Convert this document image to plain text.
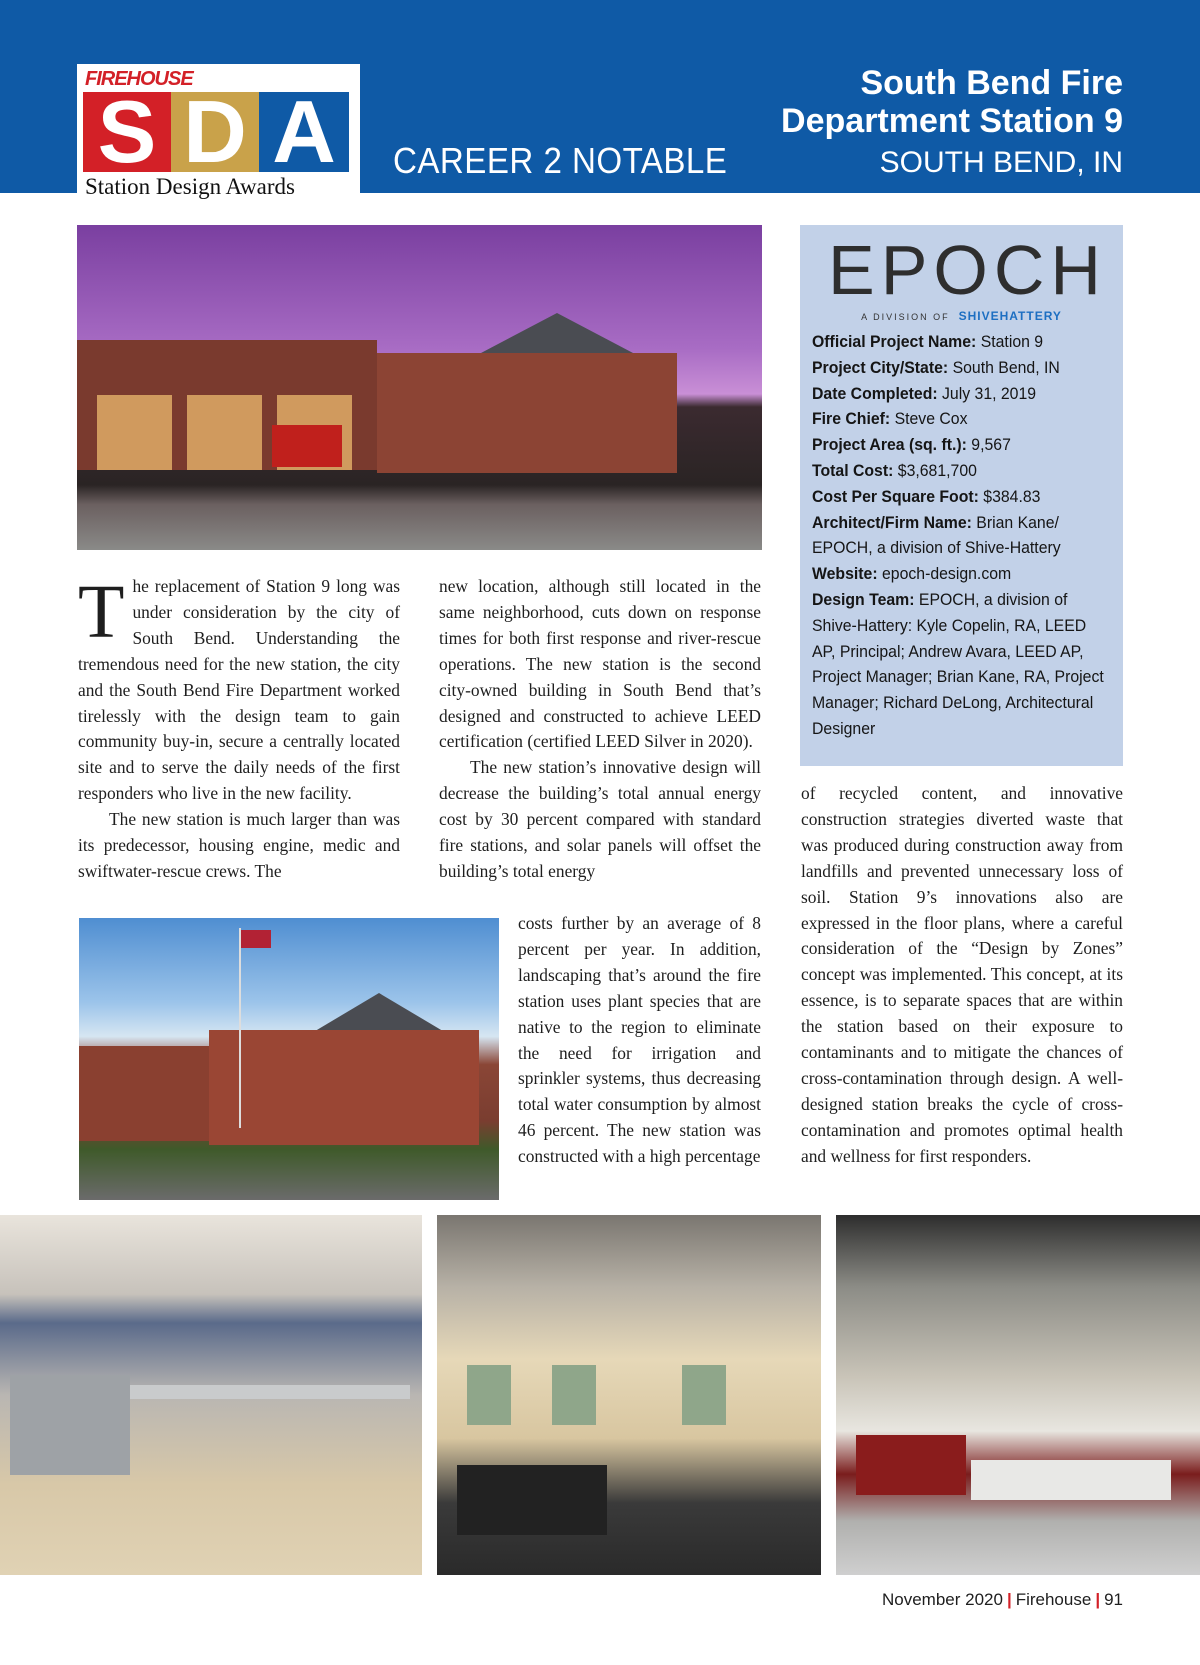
FIREHOUSE
S D A
Station Design Awards
CAREER 2 NOTABLE
South Bend Fire
Department Station 9
SOUTH BEND, IN
EPOCH
A DIVISION OF SHIVEHATTERY
Official Project Name: Station 9
Project City/State: South Bend, IN
Date Completed: July 31, 2019
Fire Chief: Steve Cox
Project Area (sq. ft.): 9,567
Total Cost: $3,681,700
Cost Per Square Foot: $384.83
Architect/Firm Name: Brian Kane/ EPOCH, a division of Shive-Hattery
Website: epoch-design.com
Design Team: EPOCH, a division of Shive-Hattery: Kyle Copelin, RA, LEED AP, Principal; Andrew Avara, LEED AP, Project Manager; Brian Kane, RA, Project Manager; Richard DeLong, Architectural Designer

The replacement of Station 9 long was under consideration by the city of South Bend. Understanding the tremendous need for the new station, the city and the South Bend Fire Department worked tirelessly with the design team to gain community buy-in, secure a centrally located site and to serve the daily needs of the first responders who live in the new facility.

The new station is much larger than was its predecessor, housing engine, medic and swiftwater-rescue crews. The

new location, although still located in the same neighborhood, cuts down on response times for both first response and river-rescue operations. The new station is the second city-owned building in South Bend that’s designed and constructed to achieve LEED certification (certified LEED Silver in 2020).

The new station’s innovative design will decrease the building’s total annual energy cost by 30 percent compared with standard fire stations, and solar panels will offset the building’s total energy

costs further by an average of 8 percent per year. In addition, landscaping that’s around the fire station uses plant species that are native to the region to eliminate the need for irrigation and sprinkler systems, thus decreasing total water consumption by almost 46 percent. The new station was constructed with a high percentage

of recycled content, and innovative construction strategies diverted waste that was produced during construction away from landfills and prevented unnecessary loss of soil. Station 9’s innovations also are expressed in the floor plans, where a careful consideration of the “Design by Zones” concept was implemented. This concept, at its essence, is to separate spaces that are within the station based on their exposure to contaminants and to mitigate the chances of cross-contamination through design. A well-designed station breaks the cycle of cross-contamination and promotes optimal health and wellness for first responders.

November 2020 | Firehouse | 91
